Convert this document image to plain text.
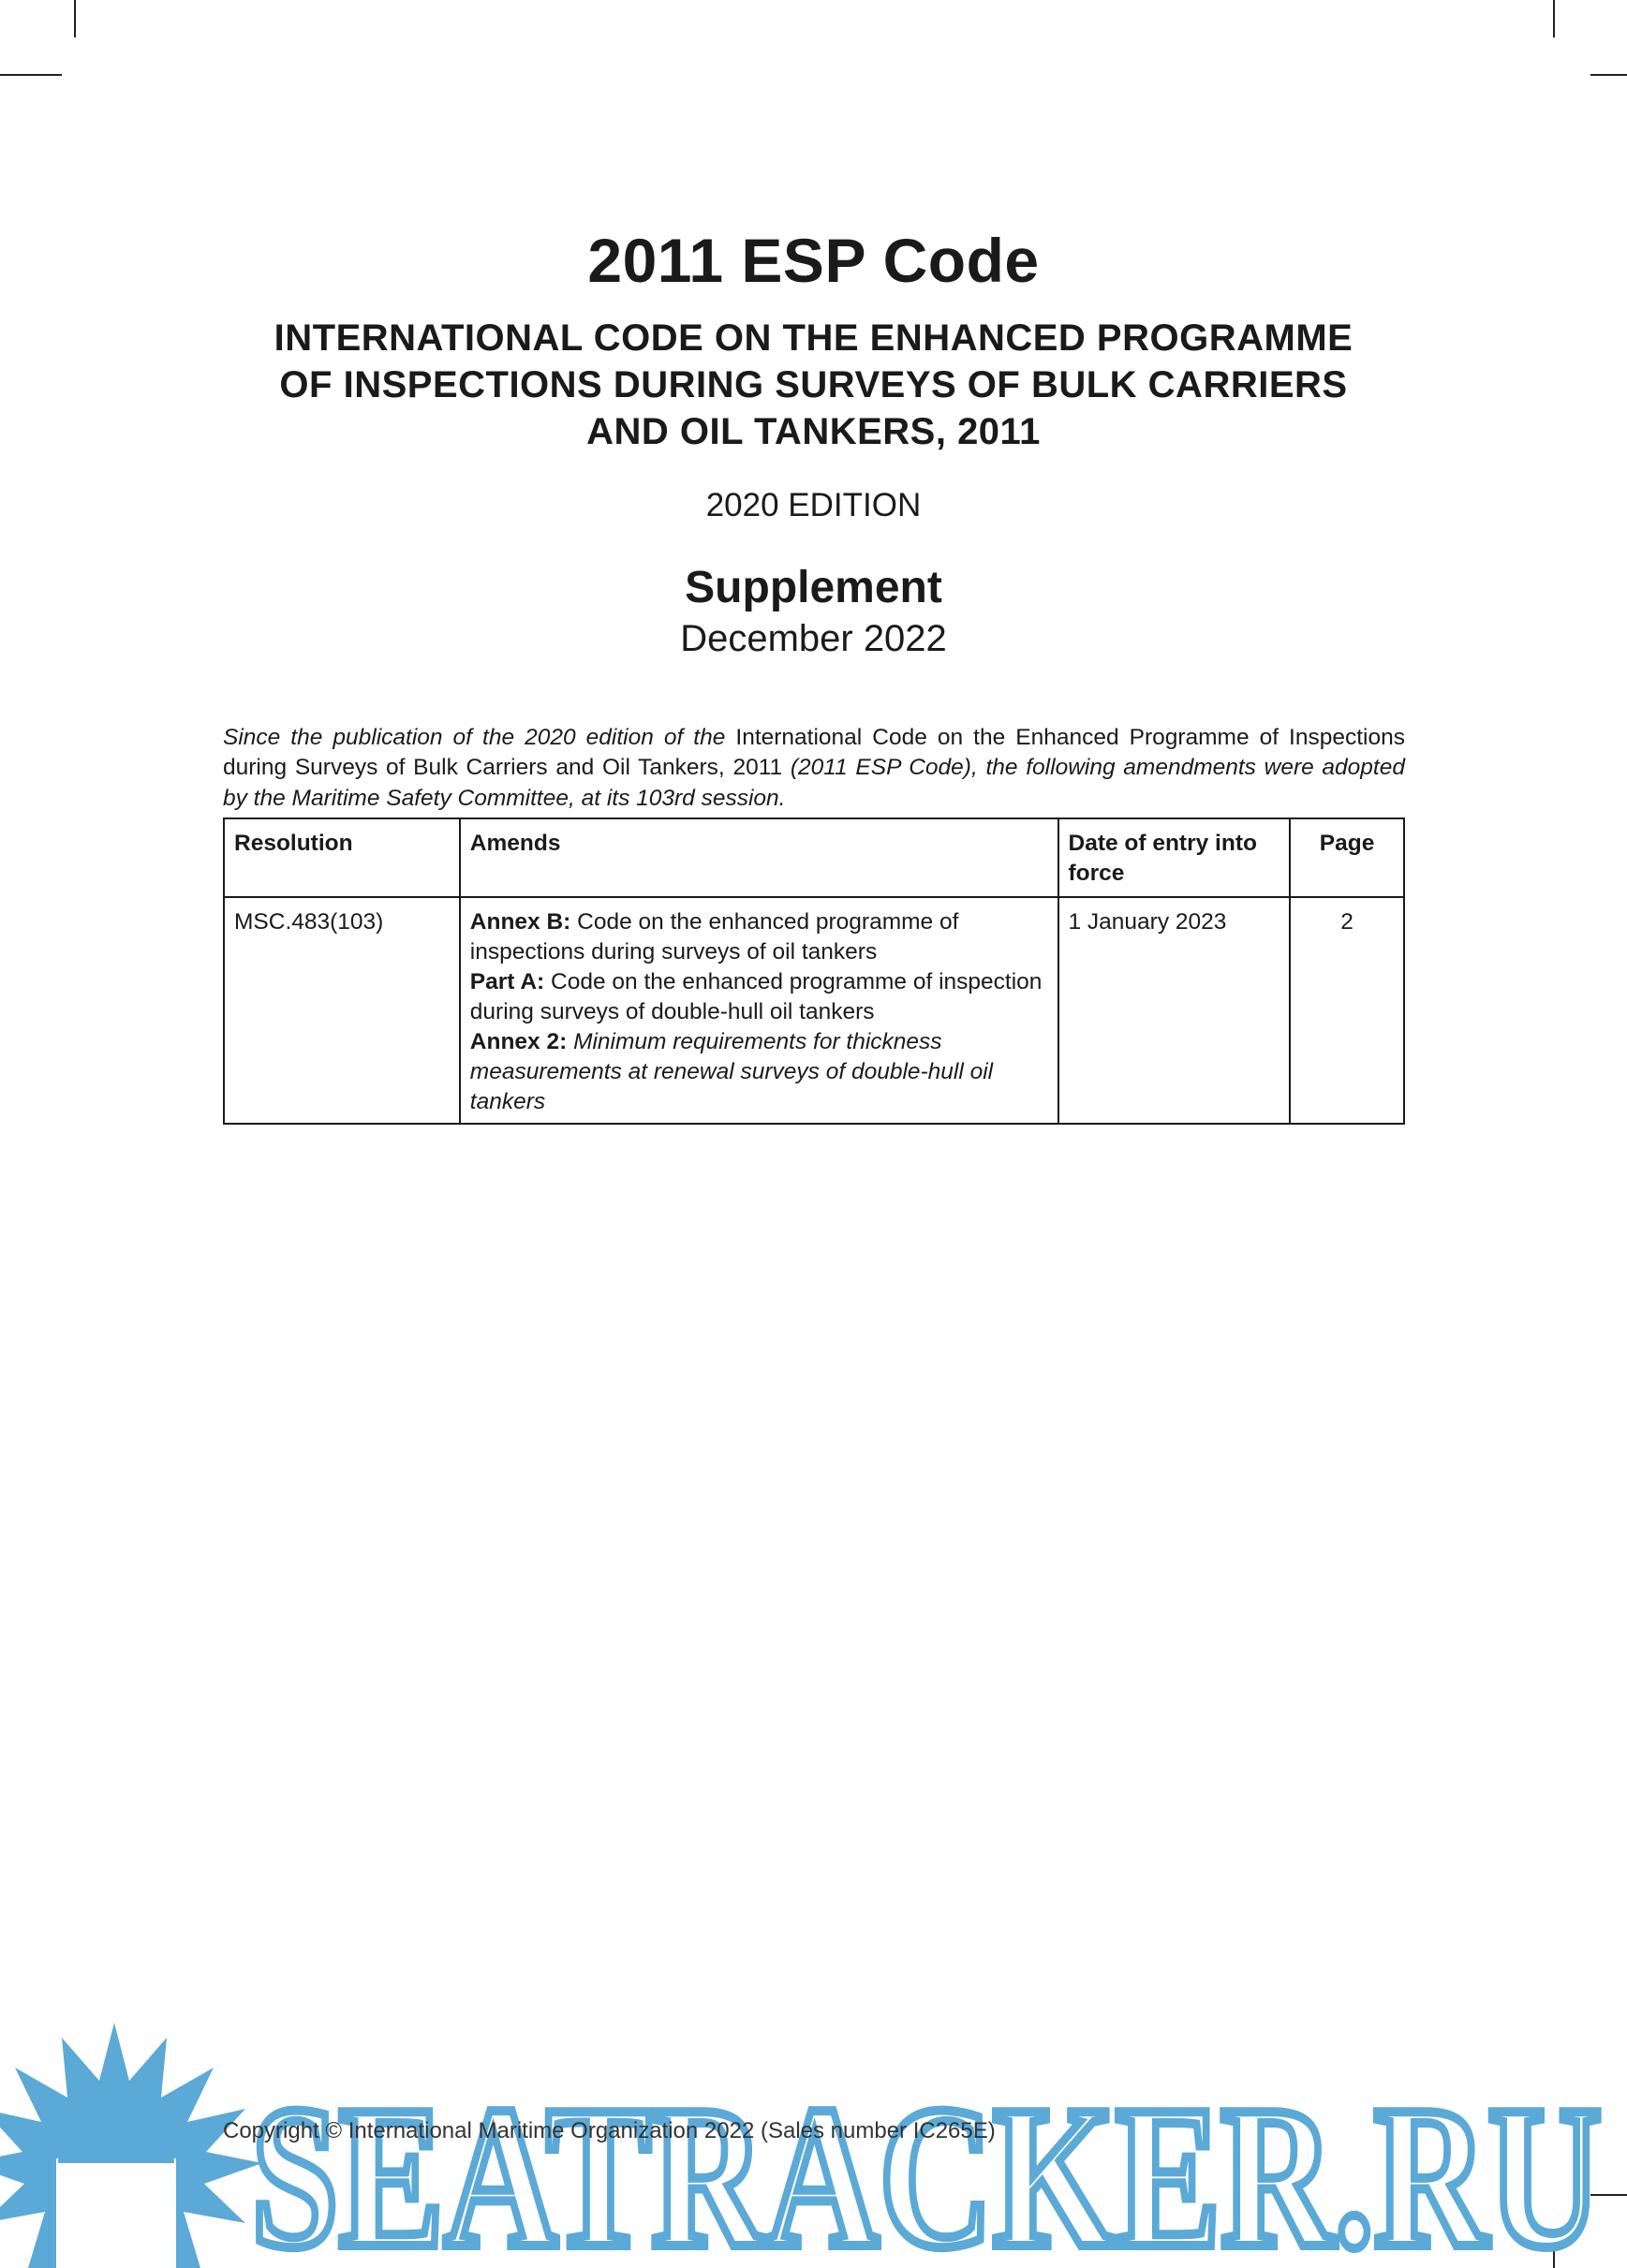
2011 ESP Code
INTERNATIONAL CODE ON THE ENHANCED PROGRAMME
OF INSPECTIONS DURING SURVEYS OF BULK CARRIERS
AND OIL TANKERS, 2011
2020 EDITION
Supplement
December 2022

Since the publication of the 2020 edition of the International Code on the Enhanced Programme of Inspections during Surveys of Bulk Carriers and Oil Tankers, 2011 (2011 ESP Code), the following amendments were adopted by the Maritime Safety Committee, at its 103rd session.

Resolution	Amends	Date of entry into force	Page
MSC.483(103)	Annex B: Code on the enhanced programme of inspections during surveys of oil tankers
Part A: Code on the enhanced programme of inspection during surveys of double-hull oil tankers
Annex 2: Minimum requirements for thickness measurements at renewal surveys of double-hull oil tankers	1 January 2023	2
SEATRACKER.RU
Copyright © International Maritime Organization 2022 (Sales number IC265E)
